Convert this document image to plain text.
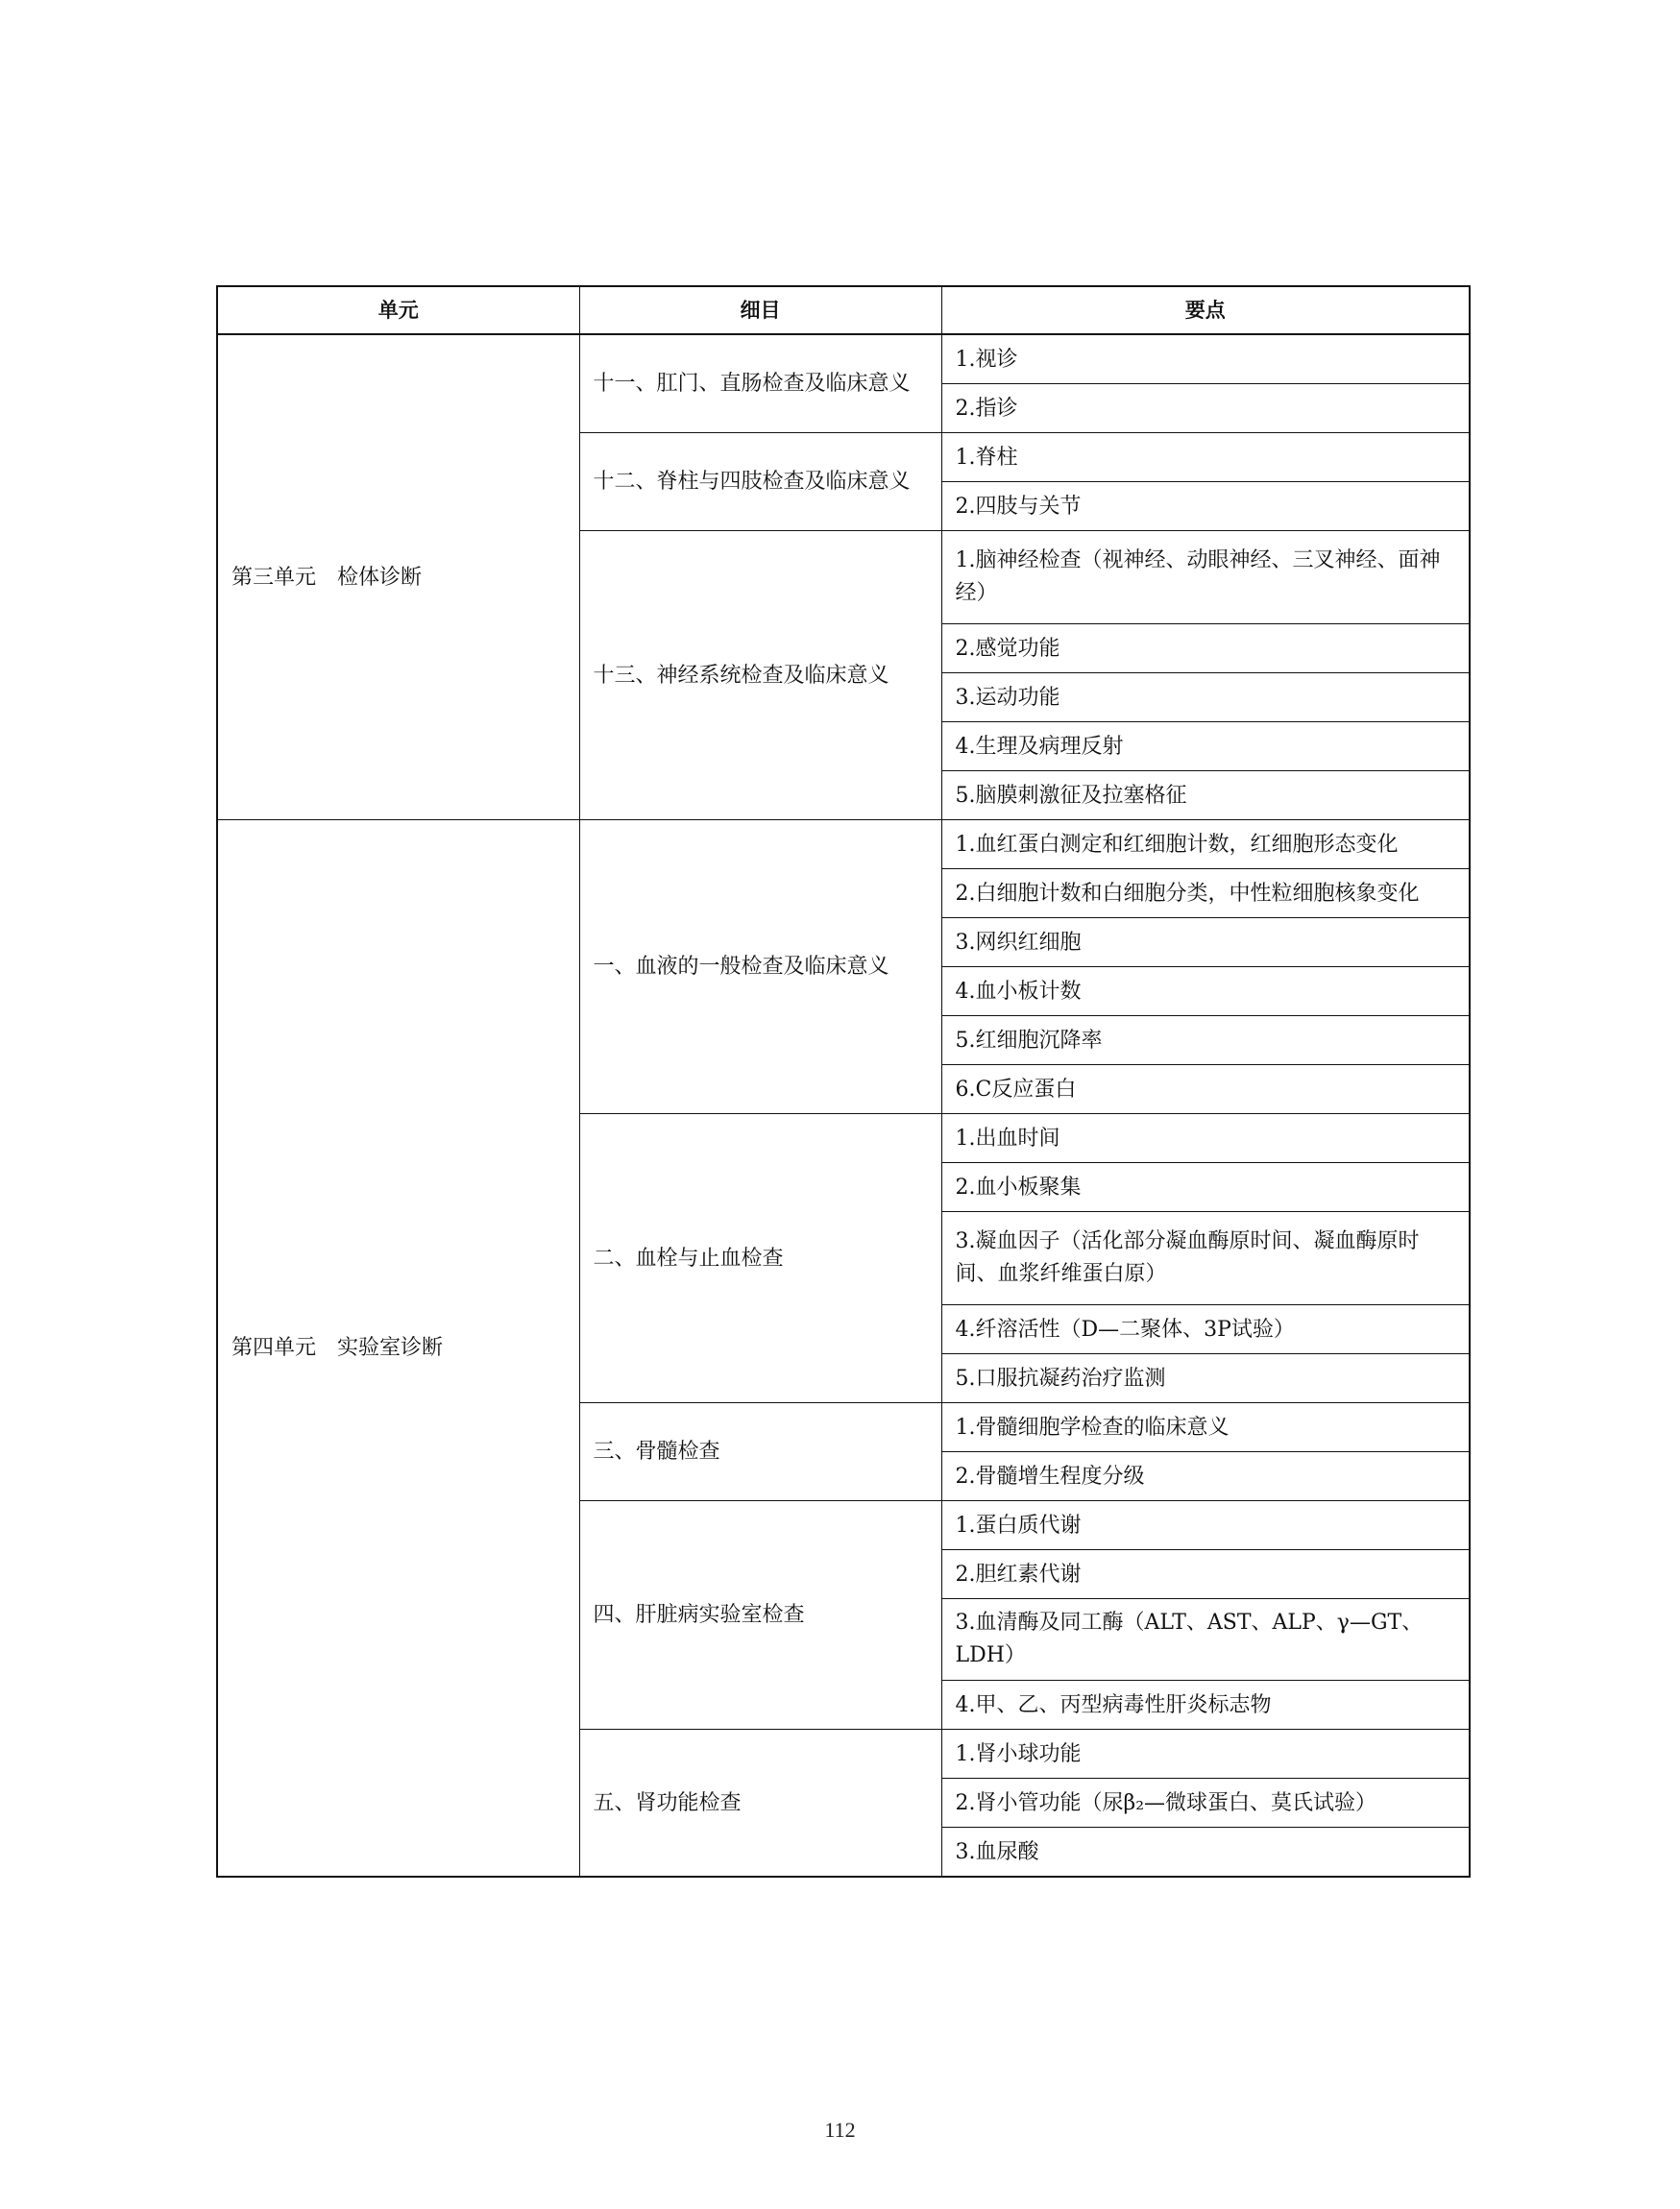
单元	细目	要点
第三单元　检体诊断	十一、肛门、直肠检查及临床意义	1.视诊
		2.指诊
	十二、脊柱与四肢检查及临床意义	1.脊柱
		2.四肢与关节
	十三、神经系统检查及临床意义	1.脑神经检查（视神经、动眼神经、三叉神经、面神经）
		2.感觉功能
		3.运动功能
		4.生理及病理反射
		5.脑膜刺激征及拉塞格征
第四单元　实验室诊断	一、血液的一般检查及临床意义	1.血红蛋白测定和红细胞计数，红细胞形态变化
		2.白细胞计数和白细胞分类，中性粒细胞核象变化
		3.网织红细胞
		4.血小板计数
		5.红细胞沉降率
		6.C反应蛋白
	二、血栓与止血检查	1.出血时间
		2.血小板聚集
		3.凝血因子（活化部分凝血酶原时间、凝血酶原时间、血浆纤维蛋白原）
		4.纤溶活性（D—二聚体、3P试验）
		5.口服抗凝药治疗监测
	三、骨髓检查	1.骨髓细胞学检查的临床意义
		2.骨髓增生程度分级
	四、肝脏病实验室检查	1.蛋白质代谢
		2.胆红素代谢
		3.血清酶及同工酶（ALT、AST、ALP、γ—GT、LDH）
		4.甲、乙、丙型病毒性肝炎标志物
	五、肾功能检查	1.肾小球功能
		2.肾小管功能（尿β₂—微球蛋白、莫氏试验）
		3.血尿酸
112
